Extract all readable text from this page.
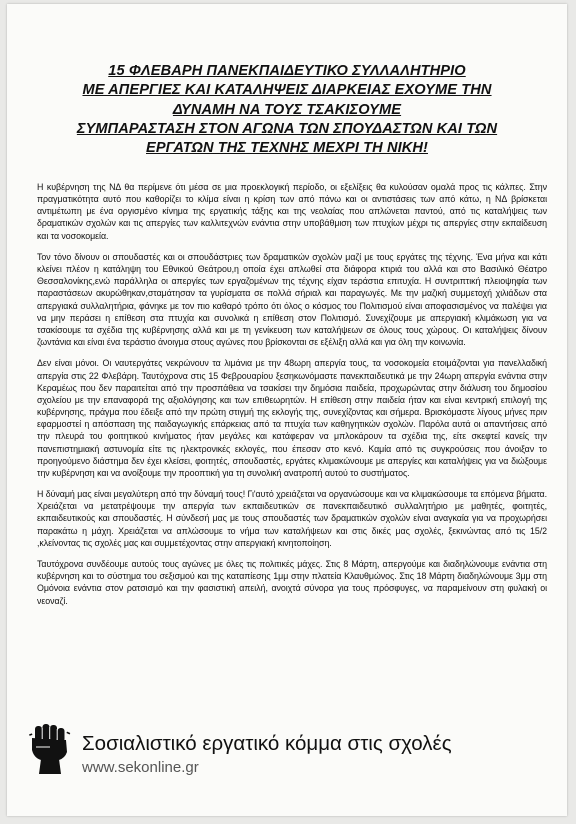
15 ΦΛΕΒΑΡΗ ΠΑΝΕΚΠΑΙΔΕΥΤΙΚΟ ΣΥΛΛΑΛΗΤΗΡΙΟ
ΜΕ ΑΠΕΡΓΙΕΣ ΚΑΙ ΚΑΤΑΛΗΨΕΙΣ ΔΙΑΡΚΕΙΑΣ ΕΧΟΥΜΕ ΤΗΝ
ΔΥΝΑΜΗ ΝΑ ΤΟΥΣ ΤΣΑΚΙΣΟΥΜΕ
ΣΥΜΠΑΡΑΣΤΑΣΗ ΣΤΟΝ ΑΓΩΝΑ ΤΩΝ ΣΠΟΥΔΑΣΤΩΝ ΚΑΙ ΤΩΝ
ΕΡΓΑΤΩΝ ΤΗΣ ΤΕΧΝΗΣ ΜΕΧΡΙ ΤΗ ΝΙΚΗ!

Η κυβέρνηση της ΝΔ θα περίμενε ότι μέσα σε μια προεκλογική περίοδο, οι εξελίξεις θα κυλούσαν ομαλά προς τις κάλπες. Στην πραγματικότητα αυτό που καθορίζει το κλίμα είναι η κρίση των από πάνω και οι αντιστάσεις των από κάτω, η ΝΔ βρίσκεται αντιμέτωπη με ένα οργισμένο κίνημα της εργατικής τάξης και της νεολαίας που απλώνεται παντού, από τις καταλήψεις των δραματικών σχολών και τις απεργίες των καλλιτεχνών ενάντια στην υποβάθμιση των πτυχίων μέχρι τις απεργίες στην εκπαίδευση και τα νοσοκομεία.

Τον τόνο δίνουν οι σπουδαστές και οι σπουδάστριες των δραματικών σχολών μαζί με τους εργάτες της τέχνης. Ένα μήνα και κάτι κλείνει πλέον η κατάληψη του Εθνικού Θεάτρου,η οποία έχει απλωθεί στα διάφορα κτιριά του αλλά και στο Βασιλικό Θέατρο Θεσσαλονίκης,ενώ παράλληλα οι απεργίες των εργαζομένων της τέχνης είχαν τεράστια επιτυχία. Η συντριπτική πλειοψηφία των παραστάσεων ακυρώθηκαν,σταμάτησαν τα γυρίσματα σε πολλά σήριαλ και παραγωγές. Με την μαζική συμμετοχή χιλιάδων στα απεργιακά συλλαλητήρια, φάνηκε με τον πιο καθαρό τρόπο ότι όλος ο κόσμος του Πολιτισμού είναι αποφασισμένος να παλέψει για να μην περάσει η επίθεση στα πτυχία και συνολικά η επίθεση στον Πολιτισμό. Συνεχίζουμε με απεργιακή κλιμάκωση για να τσακίσουμε τα σχέδια της κυβέρνησης αλλά και με τη γενίκευση των καταλήψεων σε όλους τους χώρους. Οι καταλήψεις δίνουν ζωντάνια και είναι ένα τεράστιο άνοιγμα στους αγώνες που βρίσκονται σε εξέλιξη αλλά και για όλη την κοινωνία.

Δεν είναι μόνοι. Οι ναυτεργάτες νεκρώνουν τα λιμάνια με την 48ωρη απεργία τους, τα νοσοκομεία ετοιμάζονται για πανελλαδική απεργία στις 22 Φλεβάρη. Ταυτόχρονα στις 15 Φεβρουαρίου ξεσηκωνόμαστε πανεκπαιδευτικά με την 24ωρη απεργία ενάντια στην Κεραμέως που δεν παραιτείται από την προσπάθεια να τσακίσει την δημόσια παιδεία, προχωρώντας στην διάλυση του δημοσίου σχολείου με την επαναφορά της αξιολόγησης και των επιθεωρητών. Η επίθεση στην παιδεία ήταν και είναι κεντρική επιλογή της κυβέρνησης, πράγμα που έδειξε από την πρώτη στιγμή της εκλογής της, συνεχίζοντας και σήμερα. Βρισκόμαστε λίγους μήνες πριν εφαρμοστεί η απόσπαση της παιδαγωγικής επάρκειας από τα πτυχία των καθηγητικών σχολών. Παρόλα αυτά οι απαντήσεις από την πλευρά του φοιτητικού κινήματος ήταν μεγάλες και κατάφεραν να μπλοκάρουν τα σχέδια της, είτε σκεφτεί κανείς την πανεπιστημιακή αστυνομία είτε τις ηλεκτρονικές εκλογές, που έπεσαν στο κενό. Καμία από τις συγκρούσεις που άνοιξαν το προηγούμενο διάστημα δεν έχει κλείσει, φοιτητές, σπουδαστές, εργάτες κλιμακώνουμε με απεργίες και καταλήψεις για να διώξουμε την κυβέρνηση και να ανοίξουμε την προοπτική για τη συνολική ανατροπή αυτού το συστήματος.

Η δύναμή μας είναι μεγαλύτερη από την δύναμή τους! Γι'αυτό χρειάζεται να οργανώσουμε και να κλιμακώσουμε τα επόμενα βήματα. Χρειάζεται να μετατρέψουμε την απεργία των εκπαιδευτικών σε πανεκπαιδευτικό συλλαλητήριο με μαθητές, φοιτητές, εκπαιδευτικούς και σπουδαστές. Η σύνδεσή μας με τους σπουδαστές των δραματικών σχολών είναι αναγκαία για να προχωρήσει παρακάτω η μάχη. Χρειάζεται να απλώσουμε το νήμα των καταλήψεων και στις δικές μας σχολές, ξεκινώντας από τις 15/2 ,κλείνοντας τις σχολές μας και συμμετέχοντας στην απεργιακή κινητοποίηση.

Ταυτόχρονα συνδέουμε αυτούς τους αγώνες με όλες τις πολιτικές μάχες. Στις 8 Μάρτη, απεργούμε και διαδηλώνουμε ενάντια στη κυβέρνηση και το σύστημα του σεξισμού και της καταπίεσης 1μμ στην πλατεία Κλαυθμώνος. Στις 18 Μάρτη διαδηλώνουμε 3μμ στη Ομόνοια ενάντια στον ρατσισμό και την φασιστική απειλή, ανοιχτά σύνορα για τους πρόσφυγες, να παραμείνουν στη φυλακή οι νεοναζί.

Σοσιαλιστικό εργατικό κόμμα στις σχολές
www.sekonline.gr
